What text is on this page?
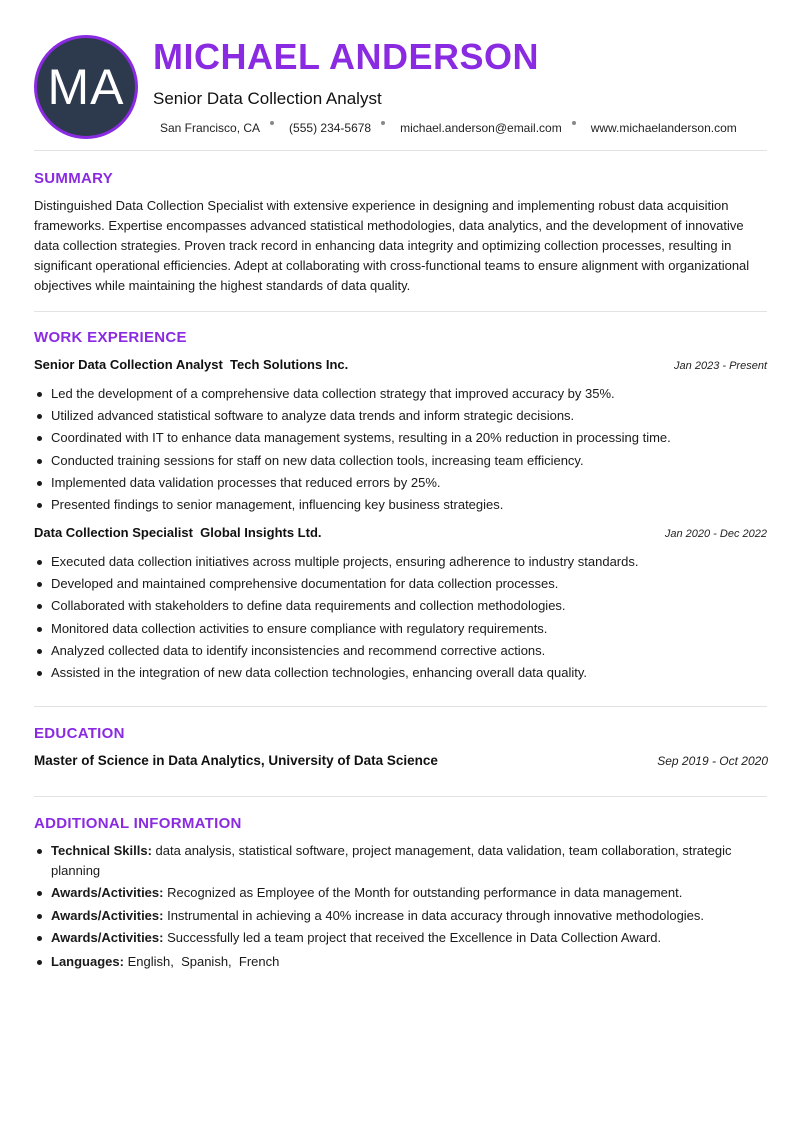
MA
MICHAEL ANDERSON
Senior Data Collection Analyst
San Francisco, CA (555) 234-5678 michael.anderson@email.com www.michaelanderson.com
SUMMARY
Distinguished Data Collection Specialist with extensive experience in designing and implementing robust data acquisition frameworks. Expertise encompasses advanced statistical methodologies, data analytics, and the development of innovative data collection strategies. Proven track record in enhancing data integrity and optimizing collection processes, resulting in significant operational efficiencies. Adept at collaborating with cross-functional teams to ensure alignment with organizational objectives while maintaining the highest standards of data quality.
WORK EXPERIENCE
Senior Data Collection Analyst Tech Solutions Inc.	Jan 2023 - Present
Led the development of a comprehensive data collection strategy that improved accuracy by 35%.
Utilized advanced statistical software to analyze data trends and inform strategic decisions.
Coordinated with IT to enhance data management systems, resulting in a 20% reduction in processing time.
Conducted training sessions for staff on new data collection tools, increasing team efficiency.
Implemented data validation processes that reduced errors by 25%.
Presented findings to senior management, influencing key business strategies.
Data Collection Specialist Global Insights Ltd.	Jan 2020 - Dec 2022
Executed data collection initiatives across multiple projects, ensuring adherence to industry standards.
Developed and maintained comprehensive documentation for data collection processes.
Collaborated with stakeholders to define data requirements and collection methodologies.
Monitored data collection activities to ensure compliance with regulatory requirements.
Analyzed collected data to identify inconsistencies and recommend corrective actions.
Assisted in the integration of new data collection technologies, enhancing overall data quality.
EDUCATION
Master of Science in Data Analytics, University of Data Science	Sep 2019 - Oct 2020
ADDITIONAL INFORMATION
Technical Skills: data analysis, statistical software, project management, data validation, team collaboration, strategic planning
Awards/Activities: Recognized as Employee of the Month for outstanding performance in data management.
Awards/Activities: Instrumental in achieving a 40% increase in data accuracy through innovative methodologies.
Awards/Activities: Successfully led a team project that received the Excellence in Data Collection Award.
Languages: English,  Spanish,  French
